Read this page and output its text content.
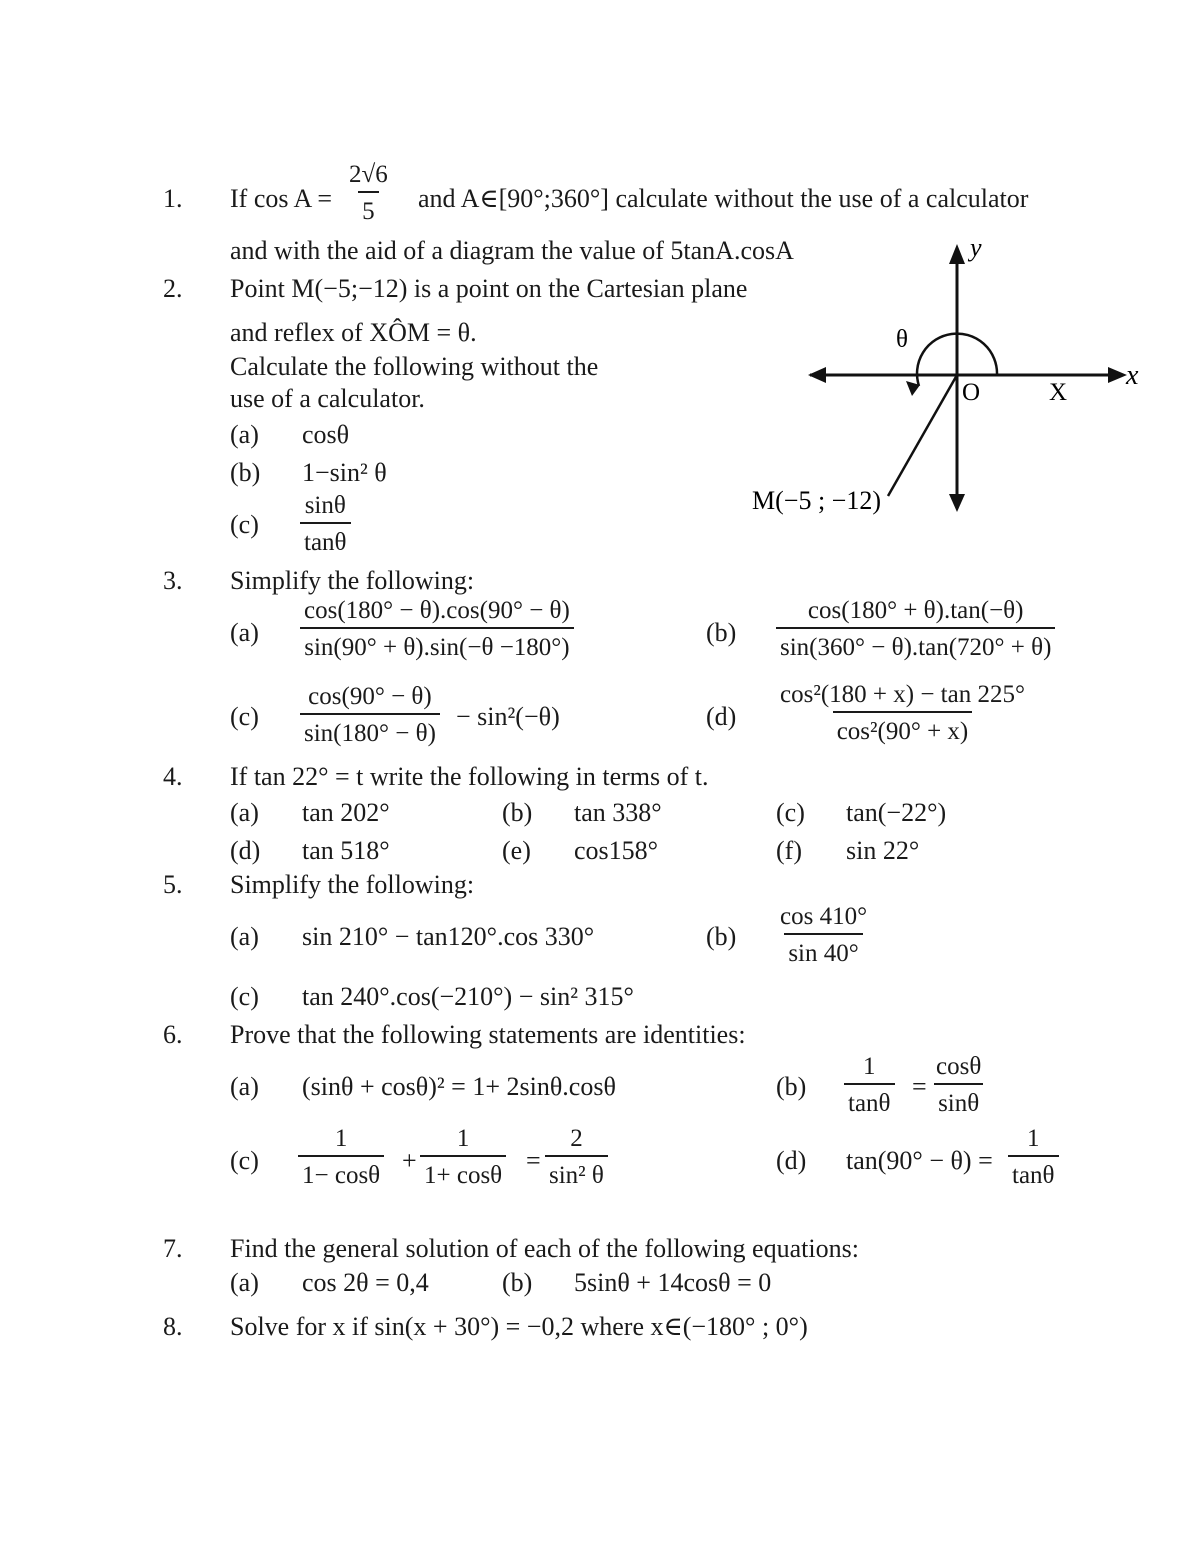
1. If $\cos A = \frac{2√6}{5}$ and A∈[90°;360°] calculate without the use of a calculator
and with the aid of a diagram the value of 5tanA.cosA
2. Point M(−5;−12) is a point on the Cartesian plane
and reflex of XÔM = θ.
Calculate the following without the
use of a calculator.
(a) cosθ
(b) 1−sin² θ
$(c) \frac{\sin\theta}{\tan\theta}$
y
x
O	X
θ
M(−5 ; −12)
3. Simplify the following:
$(a) \frac{\cos(180^\circ - \theta).\cos(90^\circ - \theta)}{\sin(90^\circ + \theta).\sin(-\theta -180^\circ)}$	$(b) \frac{\cos(180^\circ + \theta).\tan(-\theta)}{\sin(360^\circ - \theta).\tan(720^\circ + \theta)}$
$(c) \frac{\cos(90^\circ - \theta)}{\sin(180^\circ - \theta)} - \sin^2(-\theta)$	$(d) \frac{\text{cos²(180 + x) − tan 225°}}{\text{cos²(90° + x)}}$
4. If tan 22° = t write the following in terms of t.
(a) tan 202°	(b) tan 338°	(c) tan(−22°)
(d) tan 518°	(e) cos158°	(f) sin 22°
5. Simplify the following:
(a) sin 210° − tan120°.cos 330°	$(b) \frac{\cos 410^\circ}{\sin 40^\circ}$
(c) tan 240°.cos(−210°) − sin² 315°
6. Prove that the following statements are identities:
(a) (sinθ + cosθ)² = 1+ 2sinθ.cosθ	$(b) \frac{1}{\tan\theta} = \frac{\cos\theta}{\sin\theta}$
$(c) \frac{1}{1- \cos\theta} + \frac{1}{1+ \cos\theta} = \frac{2}{\text{sin² θ}}$	(d) $\tan(90^\circ - \theta) = \frac{1}{\tan\theta}$
7. Find the general solution of each of the following equations:
(a) cos 2θ = 0,4	(b) 5sinθ + 14cosθ = 0
8. Solve for x if sin(x + 30°) = −0,2 where x∈(−180° ; 0°)
